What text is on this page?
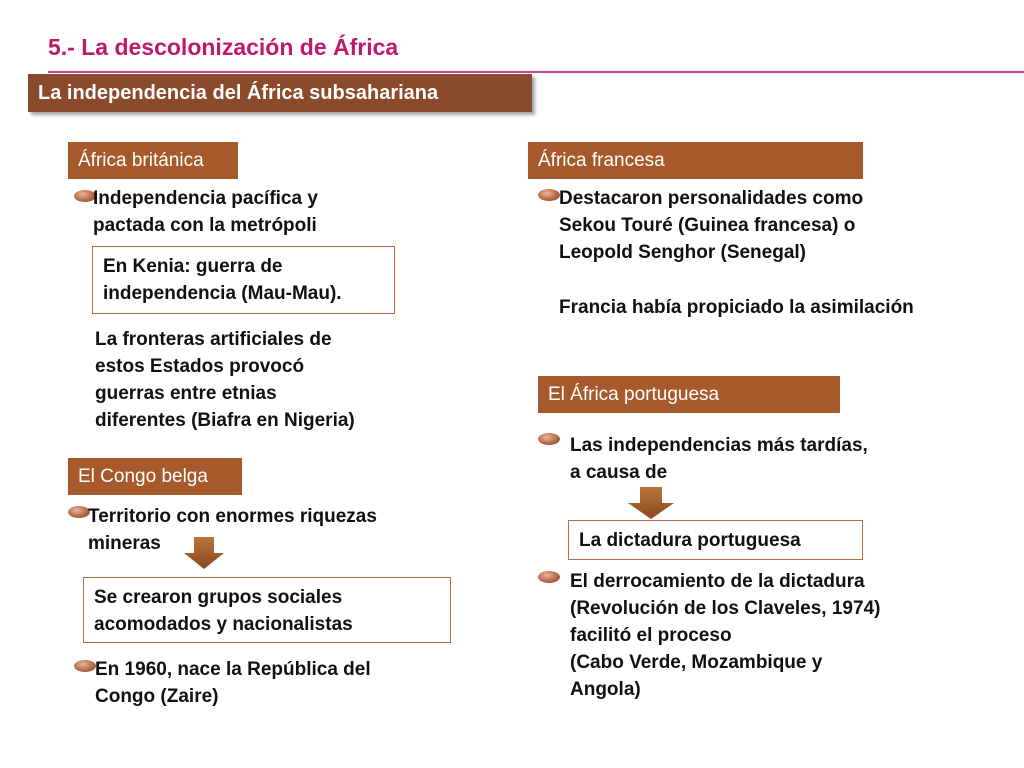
5.- La descolonización de África
La independencia del África subsahariana
África británica
Independencia pacífica y
pactada con la metrópoli
En Kenia: guerra de
independencia (Mau-Mau).
La fronteras artificiales de
estos Estados provocó
guerras entre etnias
diferentes (Biafra en Nigeria)
El Congo belga
Territorio con enormes riquezas
mineras
Se crearon grupos sociales
acomodados y nacionalistas
En 1960, nace la República del
Congo (Zaire)
África francesa
Destacaron personalidades como
Sekou Touré (Guinea francesa) o
Leopold Senghor (Senegal)
Francia había propiciado la asimilación
El África portuguesa
Las independencias más tardías,
a causa de
La dictadura portuguesa
El derrocamiento de la dictadura
(Revolución de los Claveles, 1974)
facilitó el proceso
(Cabo Verde, Mozambique y
Angola)
